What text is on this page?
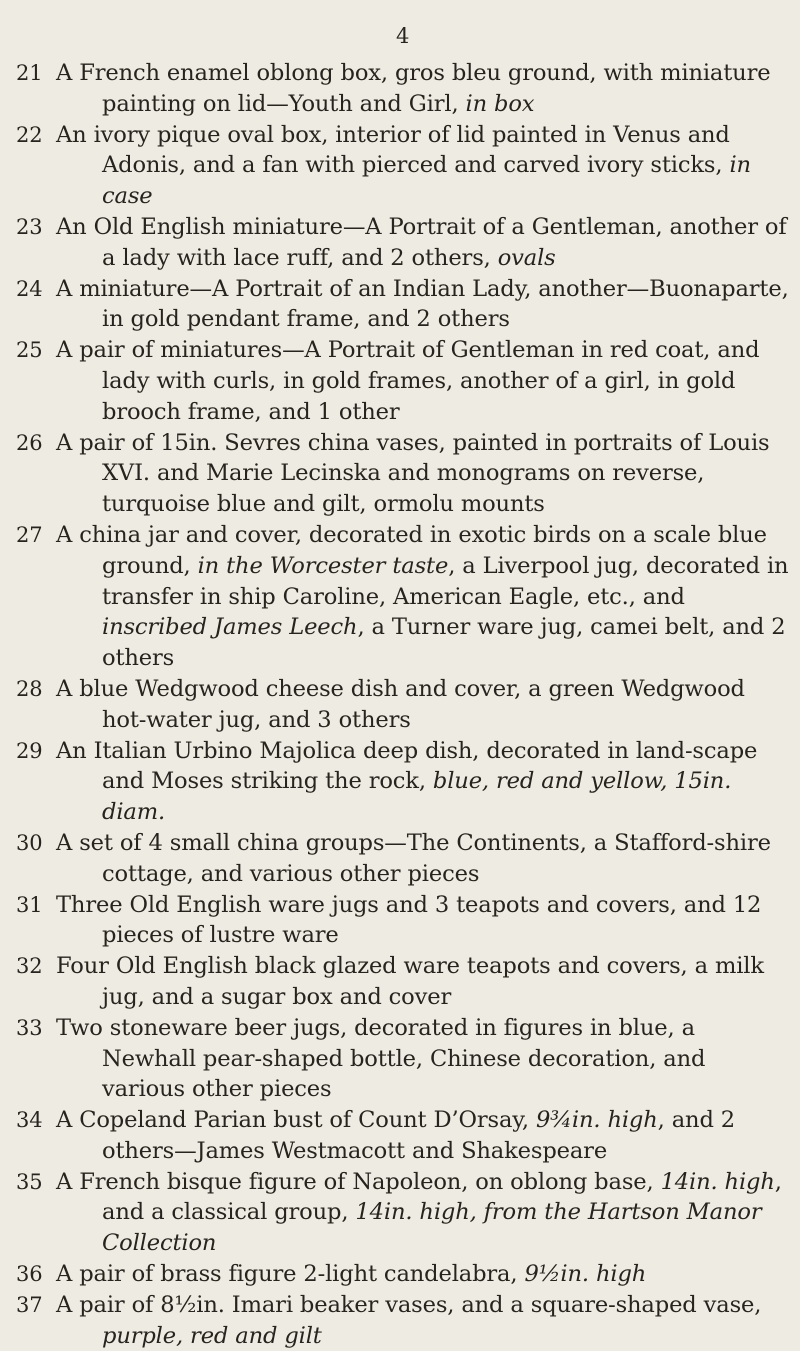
4
21 A French enamel oblong box, gros bleu ground, with miniature painting on lid—Youth and Girl, in box
22 An ivory pique oval box, interior of lid painted in Venus and Adonis, and a fan with pierced and carved ivory sticks, in case
23 An Old English miniature—A Portrait of a Gentleman, another of a lady with lace ruff, and 2 others, ovals
24 A miniature—A Portrait of an Indian Lady, another—Buonaparte, in gold pendant frame, and 2 others
25 A pair of miniatures—A Portrait of Gentleman in red coat, and lady with curls, in gold frames, another of a girl, in gold brooch frame, and 1 other
26 A pair of 15in. Sevres china vases, painted in portraits of Louis XVI. and Marie Lecinska and monograms on reverse, turquoise blue and gilt, ormolu mounts
27 A china jar and cover, decorated in exotic birds on a scale blue ground, in the Worcester taste, a Liverpool jug, decorated in transfer in ship Caroline, American Eagle, etc., and inscribed James Leech, a Turner ware jug, camei belt, and 2 others
28 A blue Wedgwood cheese dish and cover, a green Wedgwood hot-water jug, and 3 others
29 An Italian Urbino Majolica deep dish, decorated in land-scape and Moses striking the rock, blue, red and yellow, 15in. diam.
30 A set of 4 small china groups—The Continents, a Stafford-shire cottage, and various other pieces
31 Three Old English ware jugs and 3 teapots and covers, and 12 pieces of lustre ware
32 Four Old English black glazed ware teapots and covers, a milk jug, and a sugar box and cover
33 Two stoneware beer jugs, decorated in figures in blue, a Newhall pear-shaped bottle, Chinese decoration, and various other pieces
34 A Copeland Parian bust of Count D’Orsay, 9¾in. high, and 2 others—James Westmacott and Shakespeare
35 A French bisque figure of Napoleon, on oblong base, 14in. high, and a classical group, 14in. high, from the Hartson Manor Collection
36 A pair of brass figure 2-light candelabra, 9½in. high
37 A pair of 8½in. Imari beaker vases, and a square-shaped vase, purple, red and gilt
